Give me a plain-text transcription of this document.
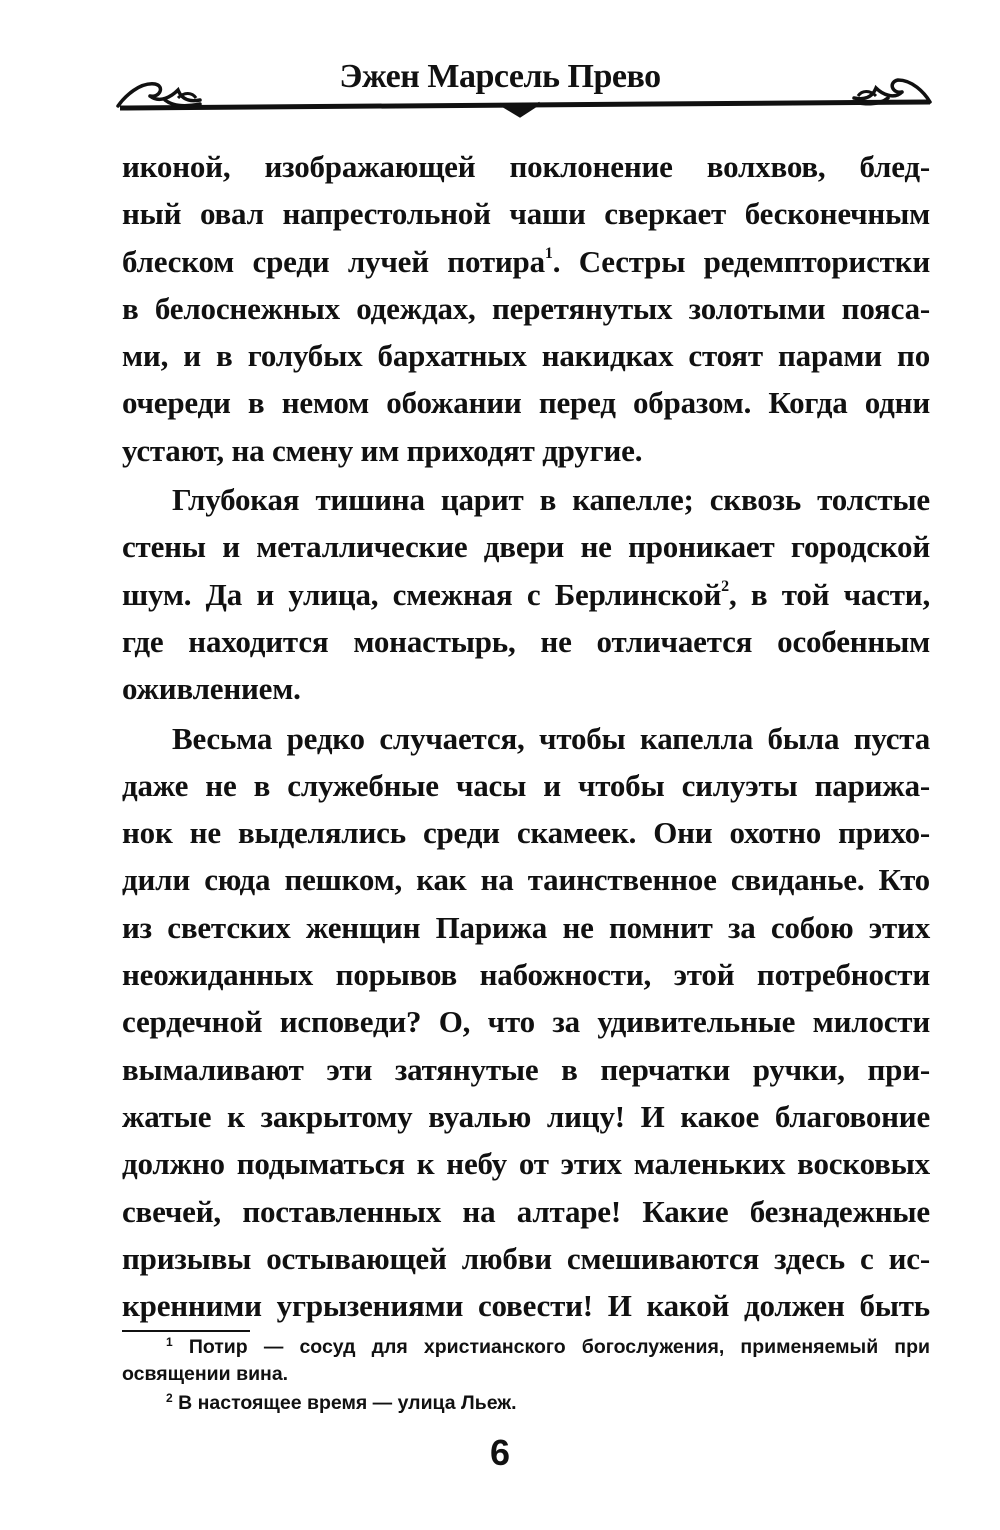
Эжен Марсель Прево

иконой, изображающей поклонение волхвов, блед-
ный овал напрестольной чаши сверкает бесконечным
блеском среди лучей потира$^1$. Сестры редемптористки
в белоснежных одеждах, перетянутых золотыми пояса-
ми, и в голубых бархатных накидках стоят парами по
очереди в немом обожании перед образом. Когда одни
устают, на смену им приходят другие.

Глубокая тишина царит в капелле; сквозь толстые
стены и металлические двери не проникает городской
шум. Да и улица, смежная с Берлинской$^2$, в той части,
где находится монастырь, не отличается особенным
оживлением.

Весьма редко случается, чтобы капелла была пуста
даже не в служебные часы и чтобы силуэты парижа-
нок не выделялись среди скамеек. Они охотно прихо-
дили сюда пешком, как на таинственное свиданье. Кто
из светских женщин Парижа не помнит за собою этих
неожиданных порывов набожности, этой потребности
сердечной исповеди? О, что за удивительные милости
вымаливают эти затянутые в перчатки ручки, при-
жатые к закрытому вуалью лицу! И какое благовоние
должно подыматься к небу от этих маленьких восковых
свечей, поставленных на алтаре! Какие безнадежные
призывы остывающей любви смешиваются здесь с ис-
кренними угрызениями совести! И какой должен быть

$^1$ Потир — сосуд для христианского богослужения, применяемый при освящении вина.

$^2$ В настоящее время — улица Льеж.

6
